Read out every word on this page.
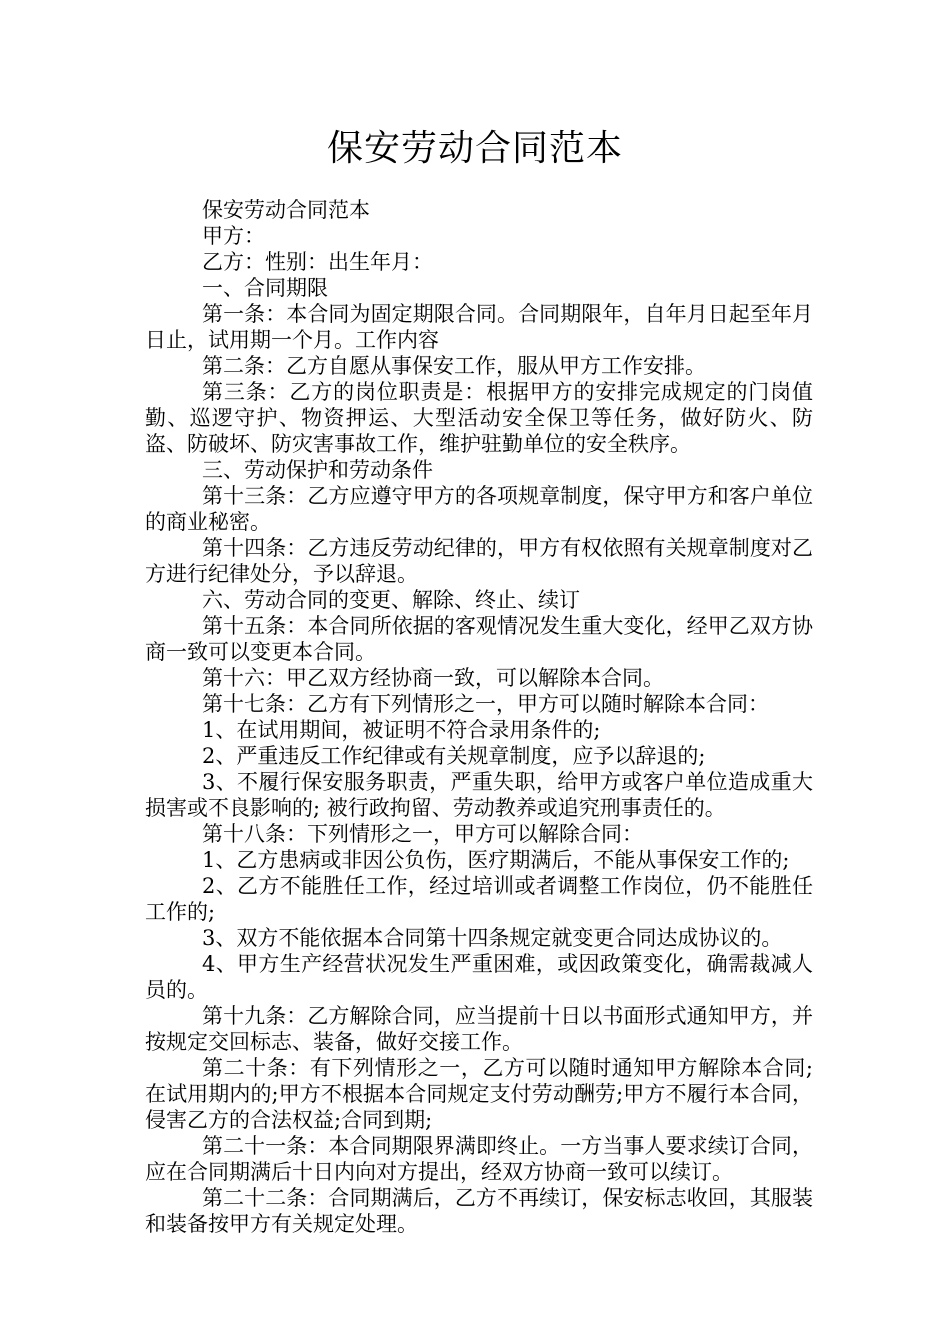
保安劳动合同范本

保安劳动合同范本

甲方：

乙方：性别：出生年月：

一、合同期限

第一条：本合同为固定期限合同。合同期限年，自年月日起至年月日止，试用期一个月。工作内容

第二条：乙方自愿从事保安工作，服从甲方工作安排。

第三条：乙方的岗位职责是：根据甲方的安排完成规定的门岗值勤、巡逻守护、物资押运、大型活动安全保卫等任务，做好防火、防盗、防破坏、防灾害事故工作，维护驻勤单位的安全秩序。

三、劳动保护和劳动条件

第十三条：乙方应遵守甲方的各项规章制度，保守甲方和客户单位的商业秘密。

第十四条：乙方违反劳动纪律的，甲方有权依照有关规章制度对乙方进行纪律处分，予以辞退。

六、劳动合同的变更、解除、终止、续订

第十五条：本合同所依据的客观情况发生重大变化，经甲乙双方协商一致可以变更本合同。

第十六：甲乙双方经协商一致，可以解除本合同。

第十七条：乙方有下列情形之一，甲方可以随时解除本合同：

1、在试用期间，被证明不符合录用条件的;

2、严重违反工作纪律或有关规章制度，应予以辞退的;

3、不履行保安服务职责，严重失职，给甲方或客户单位造成重大损害或不良影响的; 被行政拘留、劳动教养或追究刑事责任的。

第十八条：下列情形之一，甲方可以解除合同：

1、乙方患病或非因公负伤，医疗期满后，不能从事保安工作的;

2、乙方不能胜任工作，经过培训或者调整工作岗位，仍不能胜任工作的;

3、双方不能依据本合同第十四条规定就变更合同达成协议的。

4、甲方生产经营状况发生严重困难，或因政策变化，确需裁减人员的。

第十九条：乙方解除合同，应当提前十日以书面形式通知甲方，并按规定交回标志、装备，做好交接工作。

第二十条：有下列情形之一，乙方可以随时通知甲方解除本合同;在试用期内的;甲方不根据本合同规定支付劳动酬劳;甲方不履行本合同，侵害乙方的合法权益;合同到期;

第二十一条：本合同期限界满即终止。一方当事人要求续订合同，应在合同期满后十日内向对方提出，经双方协商一致可以续订。

第二十二条：合同期满后，乙方不再续订，保安标志收回，其服装和装备按甲方有关规定处理。
